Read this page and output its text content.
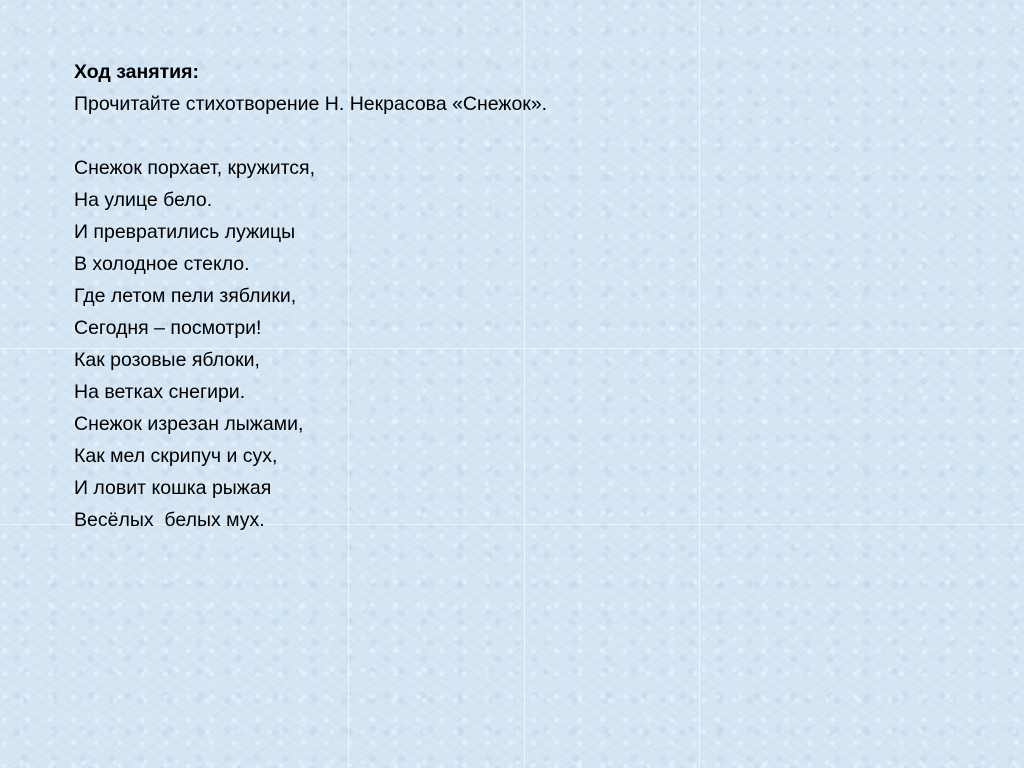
Ход занятия:

Прочитайте стихотворение Н. Некрасова «Снежок».

Снежок порхает, кружится,
На улице бело.
И превратились лужицы
В холодное стекло.
Где летом пели зяблики,
Сегодня – посмотри!
Как розовые яблоки,
На ветках снегири.
Снежок изрезан лыжами,
Как мел скрипуч и сух,
И ловит кошка рыжая
Весёлых  белых мух.
